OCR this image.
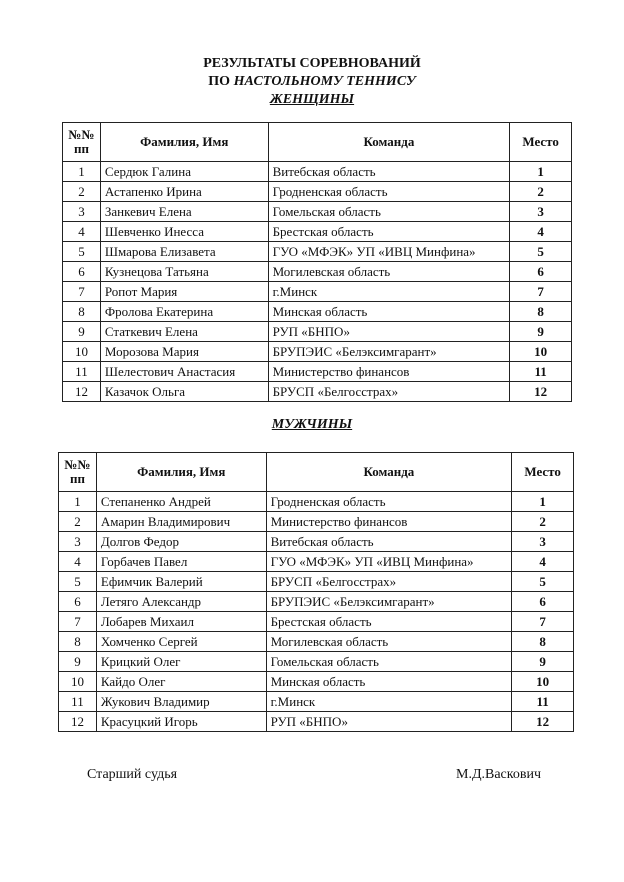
РЕЗУЛЬТАТЫ СОРЕВНОВАНИЙ
ПО НАСТОЛЬНОМУ ТЕННИСУ
ЖЕНЩИНЫ
№№
пп	Фамилия, Имя	Команда	Место
1	Сердюк Галина	Витебская область	1
2	Астапенко Ирина	Гродненская область	2
3	Занкевич Елена	Гомельская область	3
4	Шевченко Инесса	Брестская область	4
5	Шмарова Елизавета	ГУО «МФЭК» УП «ИВЦ Минфина»	5
6	Кузнецова Татьяна	Могилевская область	6
7	Ропот Мария	г.Минск	7
8	Фролова Екатерина	Минская область	8
9	Статкевич Елена	РУП «БНПО»	9
10	Морозова Мария	БРУПЭИС «Белэксимгарант»	10
11	Шелестович Анастасия	Министерство финансов	11
12	Казачок Ольга	БРУСП «Белгосстрах»	12
МУЖЧИНЫ
№№
пп	Фамилия, Имя	Команда	Место
1	Степаненко Андрей	Гродненская область	1
2	Амарин Владимирович	Министерство финансов	2
3	Долгов Федор	Витебская область	3
4	Горбачев Павел	ГУО «МФЭК» УП «ИВЦ Минфина»	4
5	Ефимчик Валерий	БРУСП «Белгосстрах»	5
6	Летяго Александр	БРУПЭИС «Белэксимгарант»	6
7	Лобарев Михаил	Брестская область	7
8	Хомченко Сергей	Могилевская область	8
9	Крицкий Олег	Гомельская область	9
10	Кайдо Олег	Минская область	10
11	Жукович Владимир	г.Минск	11
12	Красуцкий Игорь	РУП «БНПО»	12
Старший судья	М.Д.Васкович
